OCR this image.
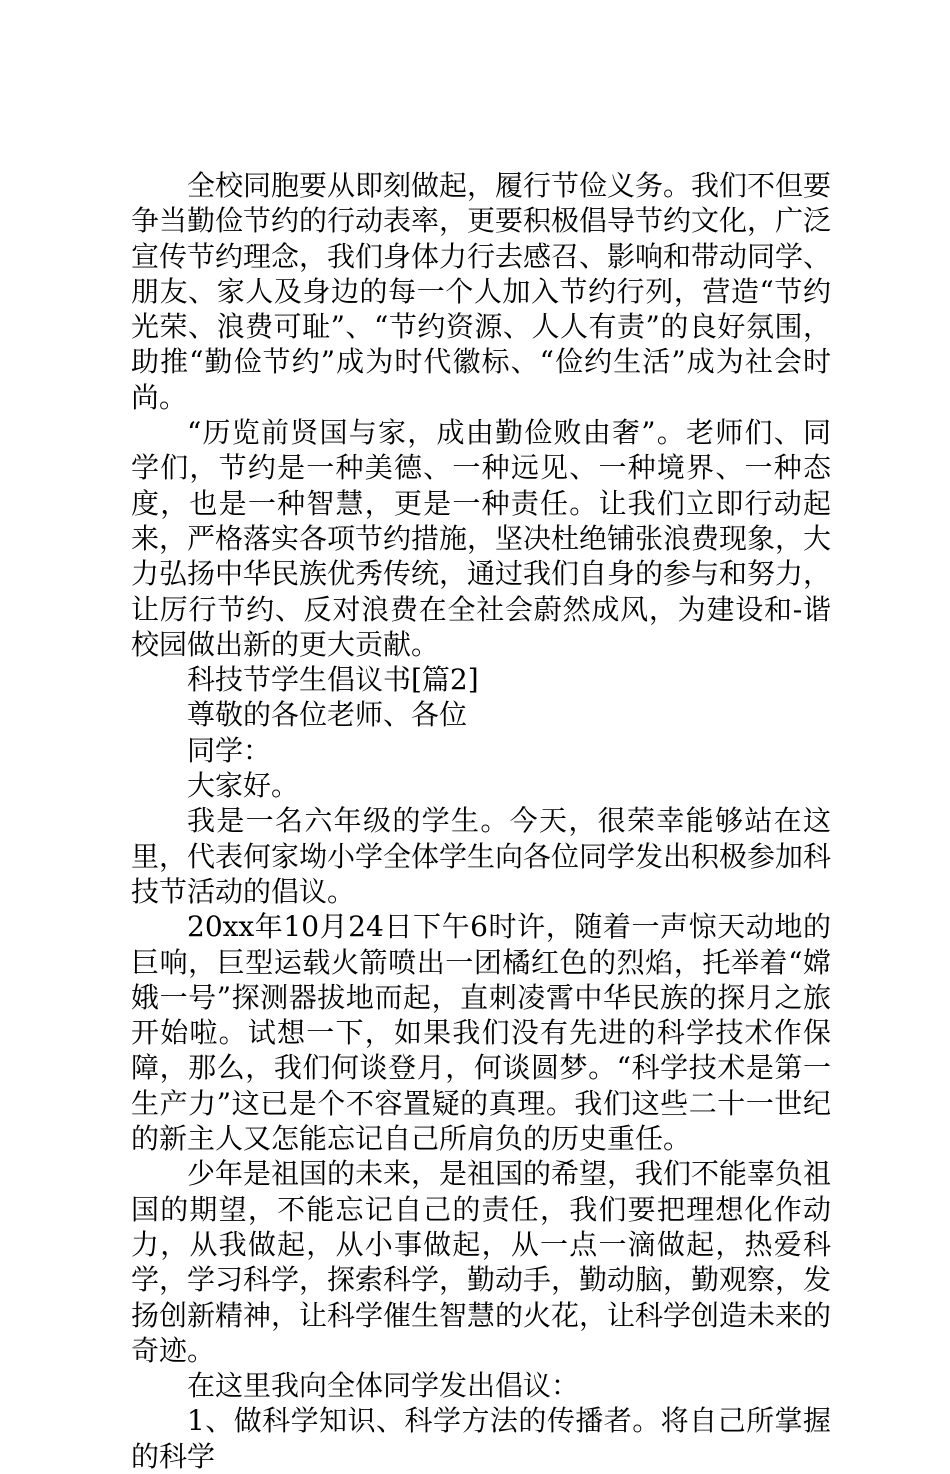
全校同胞要从即刻做起，履行节俭义务。我们不但要争当勤俭节约的行动表率，更要积极倡导节约文化，广泛宣传节约理念，我们身体力行去感召、影响和带动同学、朋友、家人及身边的每一个人加入节约行列，营造“节约光荣、浪费可耻”、“节约资源、人人有责”的良好氛围，助推“勤俭节约”成为时代徽标、“俭约生活”成为社会时尚。

“历览前贤国与家，成由勤俭败由奢”。老师们、同学们，节约是一种美德、一种远见、一种境界、一种态度，也是一种智慧，更是一种责任。让我们立即行动起来，严格落实各项节约措施，坚决杜绝铺张浪费现象，大力弘扬中华民族优秀传统，通过我们自身的参与和努力，让厉行节约、反对浪费在全社会蔚然成风，为建设和-谐校园做出新的更大贡献。

科技节学生倡议书[篇2]

尊敬的各位老师、各位

同学：

大家好。

我是一名六年级的学生。今天，很荣幸能够站在这里，代表何家坳小学全体学生向各位同学发出积极参加科技节活动的倡议。

20xx年10月24日下午6时许，随着一声惊天动地的巨响，巨型运载火箭喷出一团橘红色的烈焰，托举着“嫦娥一号”探测器拔地而起，直刺凌霄中华民族的探月之旅开始啦。试想一下，如果我们没有先进的科学技术作保障，那么，我们何谈登月，何谈圆梦。“科学技术是第一生产力”这已是个不容置疑的真理。我们这些二十一世纪的新主人又怎能忘记自己所肩负的历史重任。

少年是祖国的未来，是祖国的希望，我们不能辜负祖国的期望，不能忘记自己的责任，我们要把理想化作动力，从我做起，从小事做起，从一点一滴做起，热爱科学，学习科学，探索科学，勤动手，勤动脑，勤观察，发扬创新精神，让科学催生智慧的火花，让科学创造未来的奇迹。

在这里我向全体同学发出倡议：

1、做科学知识、科学方法的传播者。将自己所掌握的科学
